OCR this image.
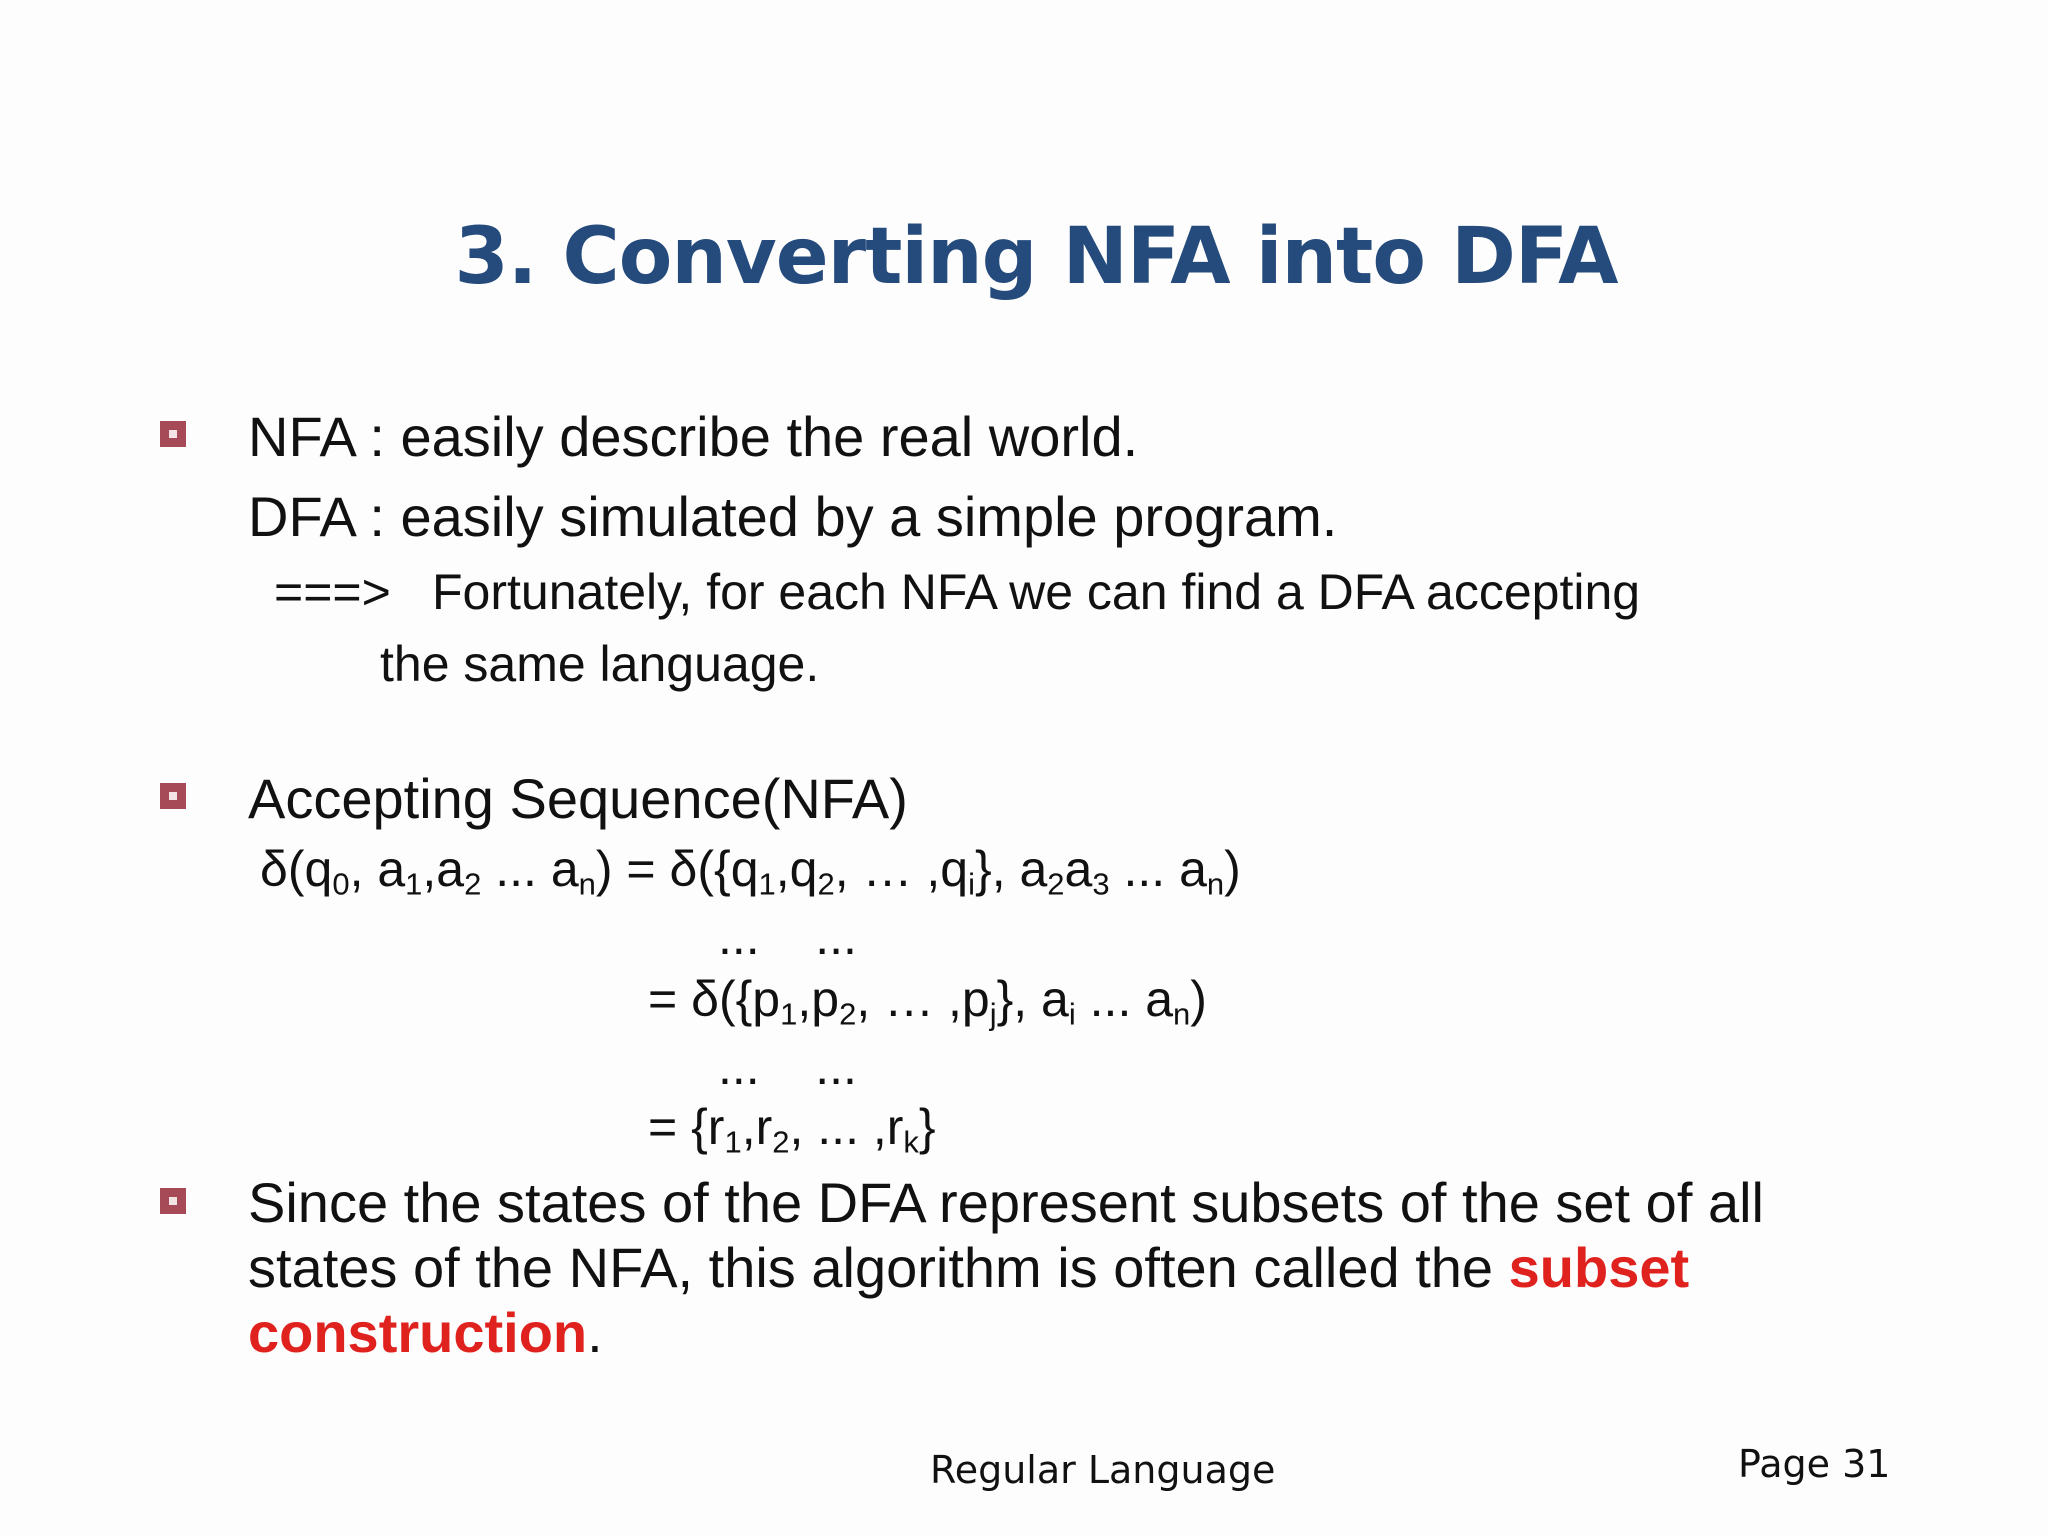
3. Converting NFA into DFA
NFA : easily describe the real world.
DFA : easily simulated by a simple program.
===> Fortunately, for each NFA we can find a DFA accepting
the same language.
Accepting Sequence(NFA)
$\delta(q_0$, $a_1,a_2$ ... $a_n) = \delta(\{q_1,q_2$, … $,q_i$}, $a_2a_3$ ... $a_n$)
...    ...
= $\delta(\{p_1,p_2$, … $,p_j$}, $a_i$ ... $a_n$)
...    ...
= {$r_1,r_2$, ... $,r_k$}
Since the states of the DFA represent subsets of the set of all
states of the NFA, this algorithm is often called the subset
construction.
Regular Language	Page 31
